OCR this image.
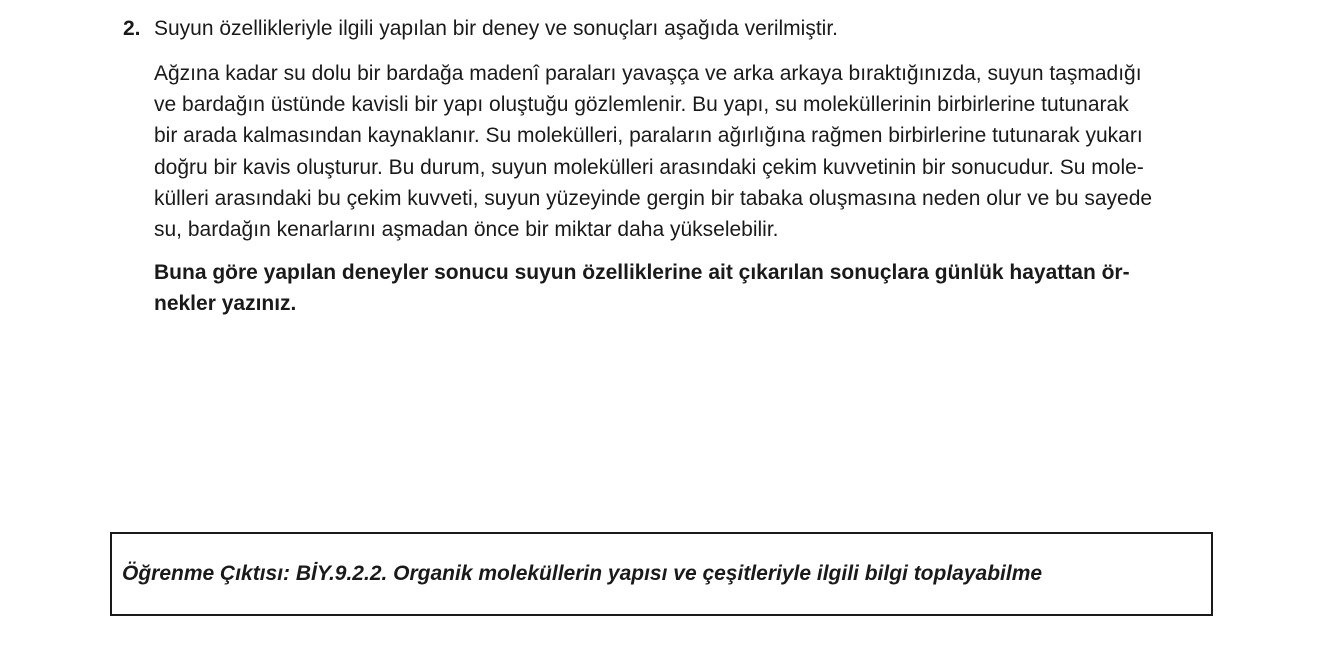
2. Suyun özellikleriyle ilgili yapılan bir deney ve sonuçları aşağıda verilmiştir.
Ağzına kadar su dolu bir bardağa madenî paraları yavaşça ve arka arkaya bıraktığınızda, suyun taşmadığı
ve bardağın üstünde kavisli bir yapı oluştuğu gözlemlenir. Bu yapı, su moleküllerinin birbirlerine tutunarak
bir arada kalmasından kaynaklanır. Su molekülleri, paraların ağırlığına rağmen birbirlerine tutunarak yukarı
doğru bir kavis oluşturur. Bu durum, suyun molekülleri arasındaki çekim kuvvetinin bir sonucudur. Su mole-
külleri arasındaki bu çekim kuvveti, suyun yüzeyinde gergin bir tabaka oluşmasına neden olur ve bu sayede
su, bardağın kenarlarını aşmadan önce bir miktar daha yükselebilir.
Buna göre yapılan deneyler sonucu suyun özelliklerine ait çıkarılan sonuçlara günlük hayattan ör-
nekler yazınız.
Öğrenme Çıktısı: BİY.9.2.2. Organik moleküllerin yapısı ve çeşitleriyle ilgili bilgi toplayabilme
